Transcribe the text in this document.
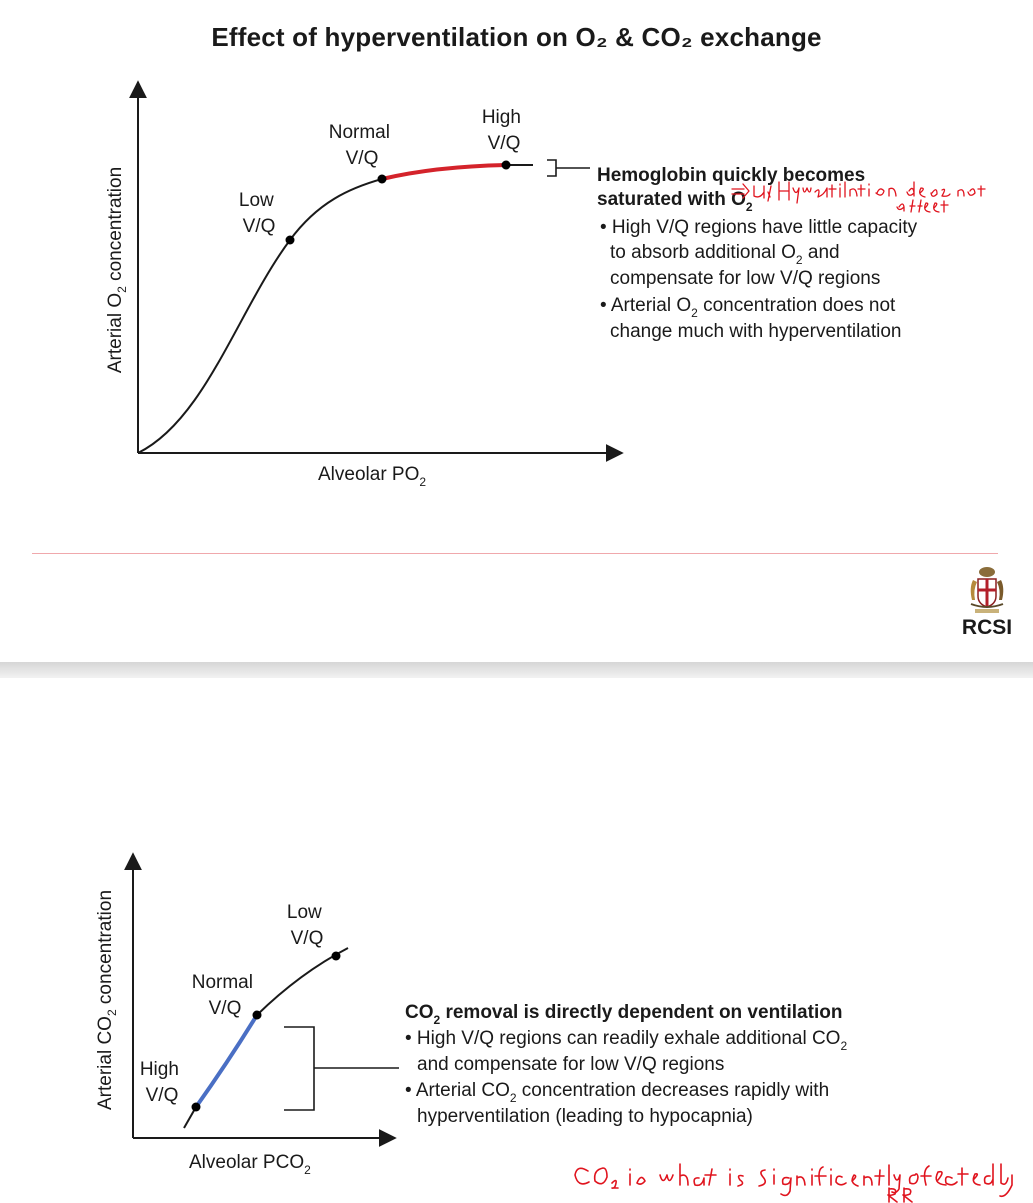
Effect of hyperventilation on O₂ & CO₂ exchange
Arterial $O_2$ concentration
Alveolar $PO_2$
Low V/Q
Normal V/Q
High V/Q
Hemoglobin quickly becomes
saturated with $O_2$
• High V/Q regions have little capacity
to absorb additional $O_2$ and
compensate for low V/Q regions
• Arterial $O_2$ concentration does not
change much with hyperventilation
RCSI
Arterial $CO_2$ concentration
Alveolar $PCO_2$
Low V/Q
Normal V/Q
High V/Q
$CO_2$ removal is directly dependent on ventilation
• High V/Q regions can readily exhale additional $CO_2$
and compensate for low V/Q regions
• Arterial $CO_2$ concentration decreases rapidly with
hyperventilation (leading to hypocapnia)
